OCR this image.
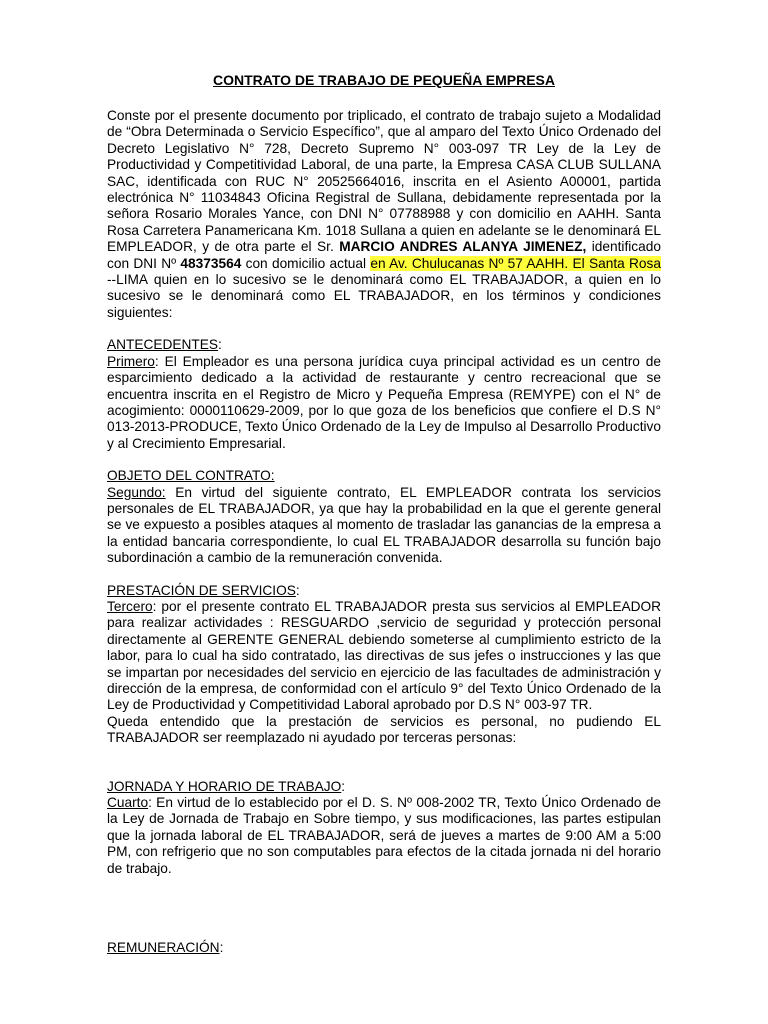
CONTRATO DE TRABAJO DE PEQUEÑA EMPRESA

Conste por el presente documento por triplicado, el contrato de trabajo sujeto a Modalidad de “Obra Determinada o Servicio Específico”, que al amparo del Texto Único Ordenado del Decreto Legislativo N° 728, Decreto Supremo N° 003-097 TR Ley de la Ley de Productividad y Competitividad Laboral, de una parte, la Empresa CASA CLUB SULLANA SAC, identificada con RUC N° 20525664016, inscrita en el Asiento A00001, partida electrónica N° 11034843 Oficina Registral de Sullana, debidamente representada por la señora Rosario Morales Yance, con DNI N° 07788988 y con domicilio en AAHH. Santa Rosa Carretera Panamericana Km. 1018 Sullana a quien en adelante se le denominará EL EMPLEADOR, y de otra parte el Sr. MARCIO ANDRES ALANYA JIMENEZ, identificado con DNI Nº 48373564 con domicilio actual en Av. Chulucanas Nº 57 AAHH. El Santa Rosa --LIMA quien en lo sucesivo se le denominará como EL TRABAJADOR, a quien en lo sucesivo se le denominará como EL TRABAJADOR, en los términos y condiciones siguientes:

ANTECEDENTES:

Primero: El Empleador es una persona jurídica cuya principal actividad es un centro de esparcimiento dedicado a la actividad de restaurante y centro recreacional que se encuentra inscrita en el Registro de Micro y Pequeña Empresa (REMYPE) con el N° de acogimiento: 0000110629-2009, por lo que goza de los beneficios que confiere el D.S N° 013-2013-PRODUCE, Texto Único Ordenado de la Ley de Impulso al Desarrollo Productivo y al Crecimiento Empresarial.

OBJETO DEL CONTRATO:

Segundo: En virtud del siguiente contrato, EL EMPLEADOR contrata los servicios personales de EL TRABAJADOR, ya que hay la probabilidad en la que el gerente general se ve expuesto a posibles ataques al momento de trasladar las ganancias de la empresa a la entidad bancaria correspondiente, lo cual EL TRABAJADOR desarrolla su función bajo subordinación a cambio de la remuneración convenida.

PRESTACIÓN DE SERVICIOS:

Tercero: por el presente contrato EL TRABAJADOR presta sus servicios al EMPLEADOR para realizar actividades : RESGUARDO ,servicio de seguridad y protección personal directamente al GERENTE GENERAL debiendo someterse al cumplimiento estricto de la labor, para lo cual ha sido contratado, las directivas de sus jefes o instrucciones y las que se impartan por necesidades del servicio en ejercicio de las facultades de administración y dirección de la empresa, de conformidad con el artículo 9° del Texto Único Ordenado de la Ley de Productividad y Competitividad Laboral aprobado por D.S N° 003-97 TR.

Queda entendido que la prestación de servicios es personal, no pudiendo EL TRABAJADOR ser reemplazado ni ayudado por terceras personas:

JORNADA Y HORARIO DE TRABAJO:

Cuarto: En virtud de lo establecido por el D. S. Nº 008-2002 TR, Texto Único Ordenado de la Ley de Jornada de Trabajo en Sobre tiempo, y sus modificaciones, las partes estipulan que la jornada laboral de EL TRABAJADOR, será de jueves a martes de 9:00 AM a 5:00 PM, con refrigerio que no son computables para efectos de la citada jornada ni del horario de trabajo.

REMUNERACIÓN:
